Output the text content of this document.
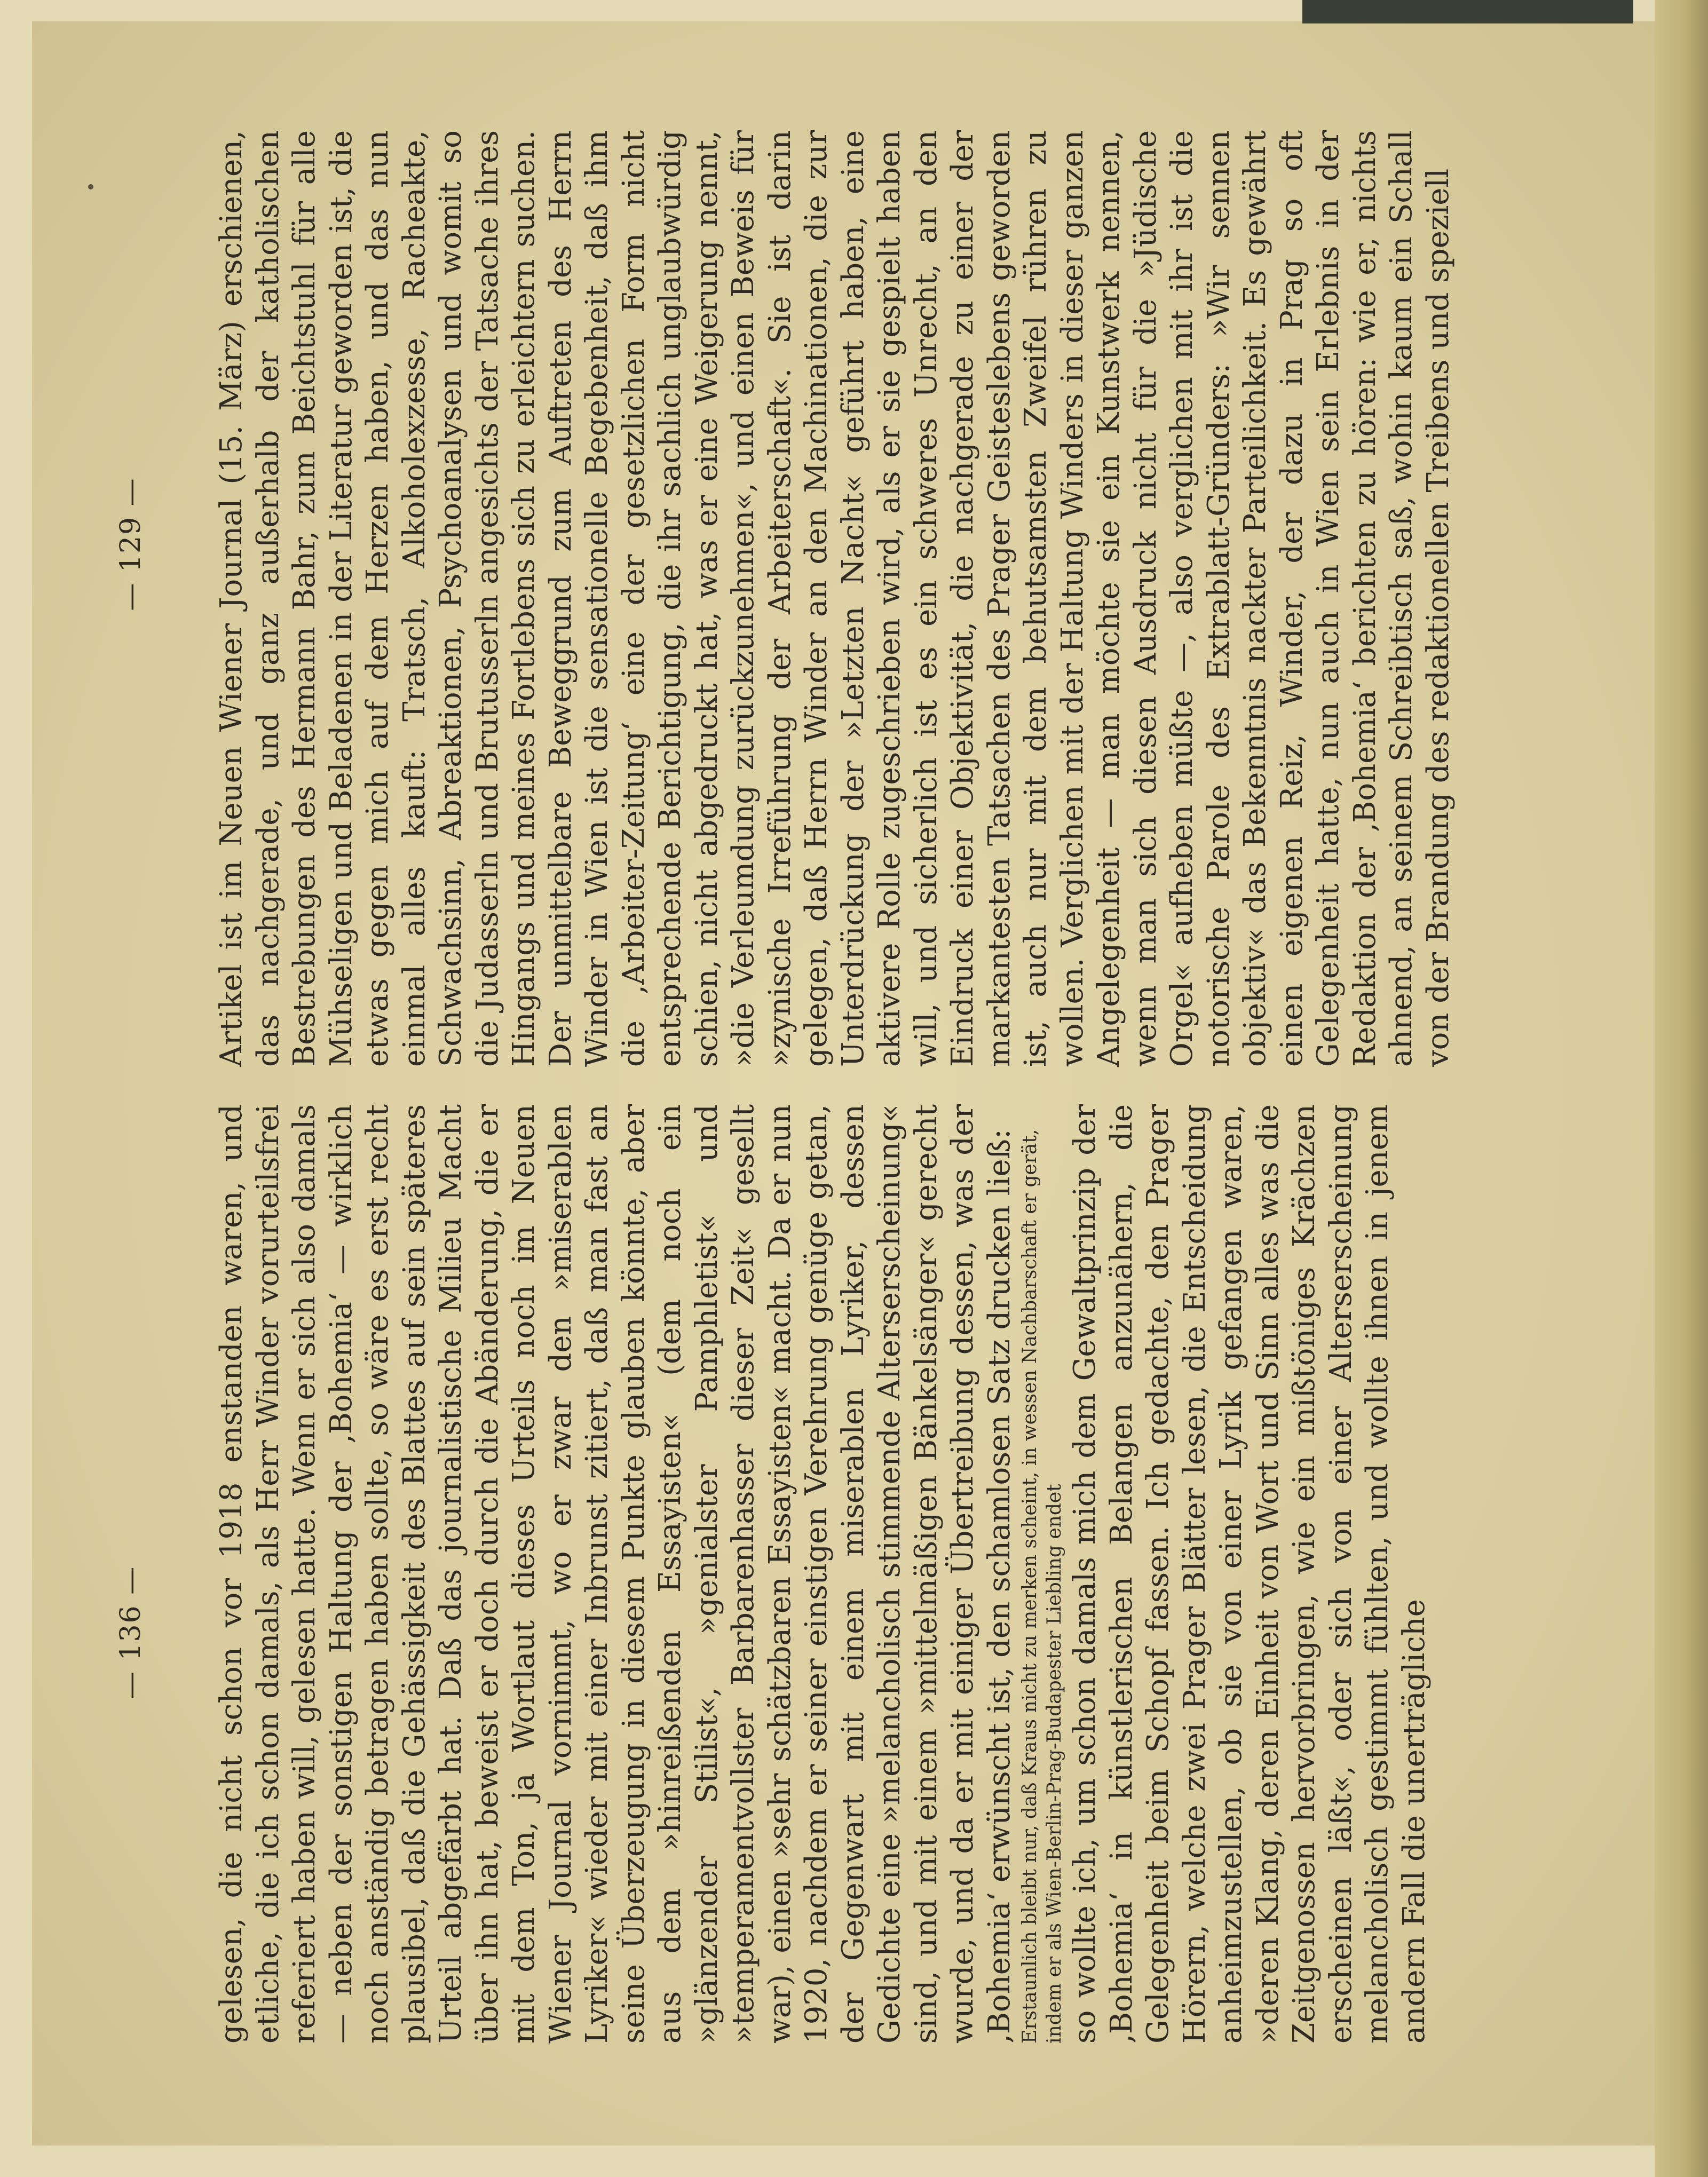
— 136 — gelesen, die nicht schon vor 1918 enstanden waren, und etliche, die ich schon damals, als Herr Winder vorurteilsfrei referiert haben will, gelesen hatte. Wenn er sich also damals — neben der sonstigen Haltung der ‚Bohemia‘ — wirklich noch anständig betragen haben sollte, so wäre es erst recht plausibel, daß die Gehässigkeit des Blattes auf sein späteres Urteil abgefärbt hat. Daß das journalistische Milieu Macht über ihn hat, beweist er doch durch die Abänderung, die er mit dem Ton, ja Wortlaut dieses Urteils noch im Neuen Wiener Journal vornimmt, wo er zwar den »miserablen Lyriker« wieder mit einer Inbrunst zitiert, daß man fast an seine Überzeugung in diesem Punkte glauben könnte, aber aus dem »hinreißenden Essayisten« (dem noch ein »glänzender Stilist«, »genialster Pamphletist« und »temperamentvollster Barbarenhasser dieser Zeit« gesellt war), einen »sehr schätzbaren Essayisten« macht. Da er nun 1920, nachdem er seiner einstigen Verehrung genüge getan, der Gegenwart mit einem miserablen Lyriker, dessen Gedichte eine »melancholisch stimmende Alterserscheinung« sind, und mit einem »mittelmäßigen Bänkelsänger« gerecht wurde, und da er mit einiger Übertreibung dessen, was der ‚Bohemia‘ erwünscht ist, den schamlosen Satz drucken ließ: Erstaunlich bleibt nur, daß Kraus nicht zu merken scheint, in wessen Nachbarschaft er gerät, indem er als Wien-Berlin-Prag-Budapester Liebling endet so wollte ich, um schon damals mich dem Gewaltprinzip der ‚Bohemia‘ in künstlerischen Belangen anzunähern, die Gelegenheit beim Schopf fassen. Ich gedachte, den Prager Hörern, welche zwei Prager Blätter lesen, die Entscheidung anheimzustellen, ob sie von einer Lyrik gefangen waren, »deren Klang, deren Einheit von Wort und Sinn alles was die Zeitgenossen hervorbringen, wie ein mißtöniges Krächzen erscheinen läßt«, oder sich von einer Alterserscheinung melancholisch gestimmt fühlten, und wollte ihnen in jenem andern Fall die unerträgliche

— 129 — Artikel ist im Neuen Wiener Journal (15. März) erschienen, das nachgerade, und ganz außerhalb der katholischen Bestrebungen des Hermann Bahr, zum Beichtstuhl für alle Mühseligen und Beladenen in der Literatur geworden ist, die etwas gegen mich auf dem Herzen haben, und das nun einmal alles kauft: Tratsch, Alkoholexzesse, Racheakte, Schwachsinn, Abreaktionen, Psychoanalysen und womit so die Judasserln und Brutusserln angesichts der Tatsache ihres Hingangs und meines Fortlebens sich zu erleichtern suchen. Der unmittelbare Beweggrund zum Auftreten des Herrn Winder in Wien ist die sensationelle Begebenheit, daß ihm die ‚Arbeiter-Zeitung‘ eine der gesetzlichen Form nicht entsprechende Berichtigung, die ihr sachlich unglaubwürdig schien, nicht abgedruckt hat, was er eine Weigerung nennt, »die Verleumdung zurückzunehmen«, und einen Beweis für »zynische Irreführung der Arbeiterschaft«. Sie ist darin gelegen, daß Herrn Winder an den Machinationen, die zur Unterdrückung der »Letzten Nacht« geführt haben, eine aktivere Rolle zugeschrieben wird, als er sie gespielt haben will, und sicherlich ist es ein schweres Unrecht, an den Eindruck einer Objektivität, die nachgerade zu einer der markantesten Tatsachen des Prager Geisteslebens geworden ist, auch nur mit dem behutsamsten Zweifel rühren zu wollen. Verglichen mit der Haltung Winders in dieser ganzen Angelegenheit — man möchte sie ein Kunstwerk nennen, wenn man sich diesen Ausdruck nicht für die »Jüdische Orgel« aufheben müßte —, also verglichen mit ihr ist die notorische Parole des Extrablatt-Gründers: »Wir sennen objektiv« das Bekenntnis nackter Parteilichkeit. Es gewährt einen eigenen Reiz, Winder, der dazu in Prag so oft Gelegenheit hatte, nun auch in Wien sein Erlebnis in der Redaktion der ‚Bohemia‘ berichten zu hören: wie er, nichts ahnend, an seinem Schreibtisch saß, wohin kaum ein Schall von der Brandung des redaktionellen Treibens und speziell
